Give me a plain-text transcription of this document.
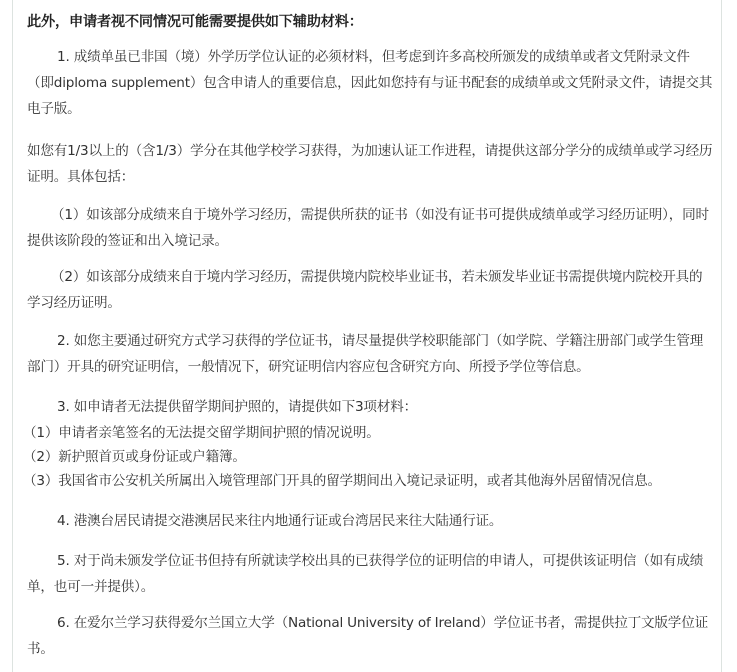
此外，申请者视不同情况可能需要提供如下辅助材料：
1. 成绩单虽已非国（境）外学历学位认证的必须材料，但考虑到许多高校所颁发的成绩单或者文凭附录文件（即diploma supplement）包含申请人的重要信息，因此如您持有与证书配套的成绩单或文凭附录文件，请提交其电子版。
如您有1/3以上的（含1/3）学分在其他学校学习获得，为加速认证工作进程，请提供这部分学分的成绩单或学习经历证明。具体包括：
（1）如该部分成绩来自于境外学习经历，需提供所获的证书（如没有证书可提供成绩单或学习经历证明），同时提供该阶段的签证和出入境记录。
（2）如该部分成绩来自于境内学习经历，需提供境内院校毕业证书，若未颁发毕业证书需提供境内院校开具的学习经历证明。
2. 如您主要通过研究方式学习获得的学位证书，请尽量提供学校职能部门（如学院、学籍注册部门或学生管理部门）开具的研究证明信，一般情况下，研究证明信内容应包含研究方向、所授予学位等信息。
3. 如申请者无法提供留学期间护照的，请提供如下3项材料：
（1）申请者亲笔签名的无法提交留学期间护照的情况说明。
（2）新护照首页或身份证或户籍簿。
（3）我国省市公安机关所属出入境管理部门开具的留学期间出入境记录证明，或者其他海外居留情况信息。
4. 港澳台居民请提交港澳居民来往内地通行证或台湾居民来往大陆通行证。
5. 对于尚未颁发学位证书但持有所就读学校出具的已获得学位的证明信的申请人，可提供该证明信（如有成绩单，也可一并提供）。
6. 在爱尔兰学习获得爱尔兰国立大学（National University of Ireland）学位证书者，需提供拉丁文版学位证书。
